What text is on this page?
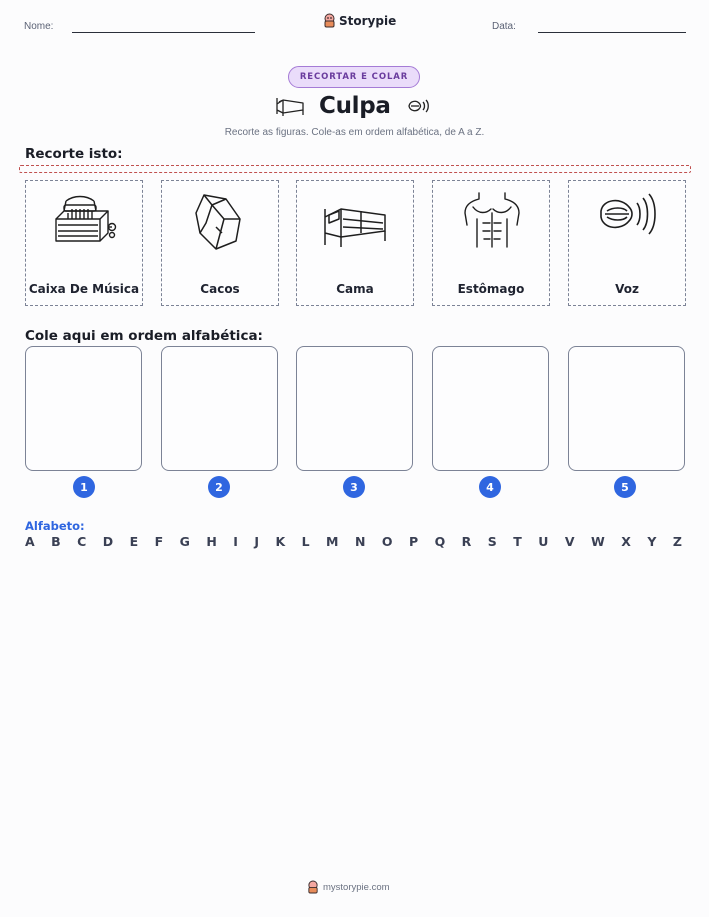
Nome:	Storypie	Data:
RECORTAR E COLAR
Culpa
Recorte as figuras. Cole-as em ordem alfabética, de A a Z.
Recorte isto:
Caixa De Música	Cacos	Cama	Estômago	Voz
Cole aqui em ordem alfabética:
1	2	3	4	5
Alfabeto:
A B C D E F G H I J K L M N O P Q R S T U V W X Y Z
mystorypie.com
